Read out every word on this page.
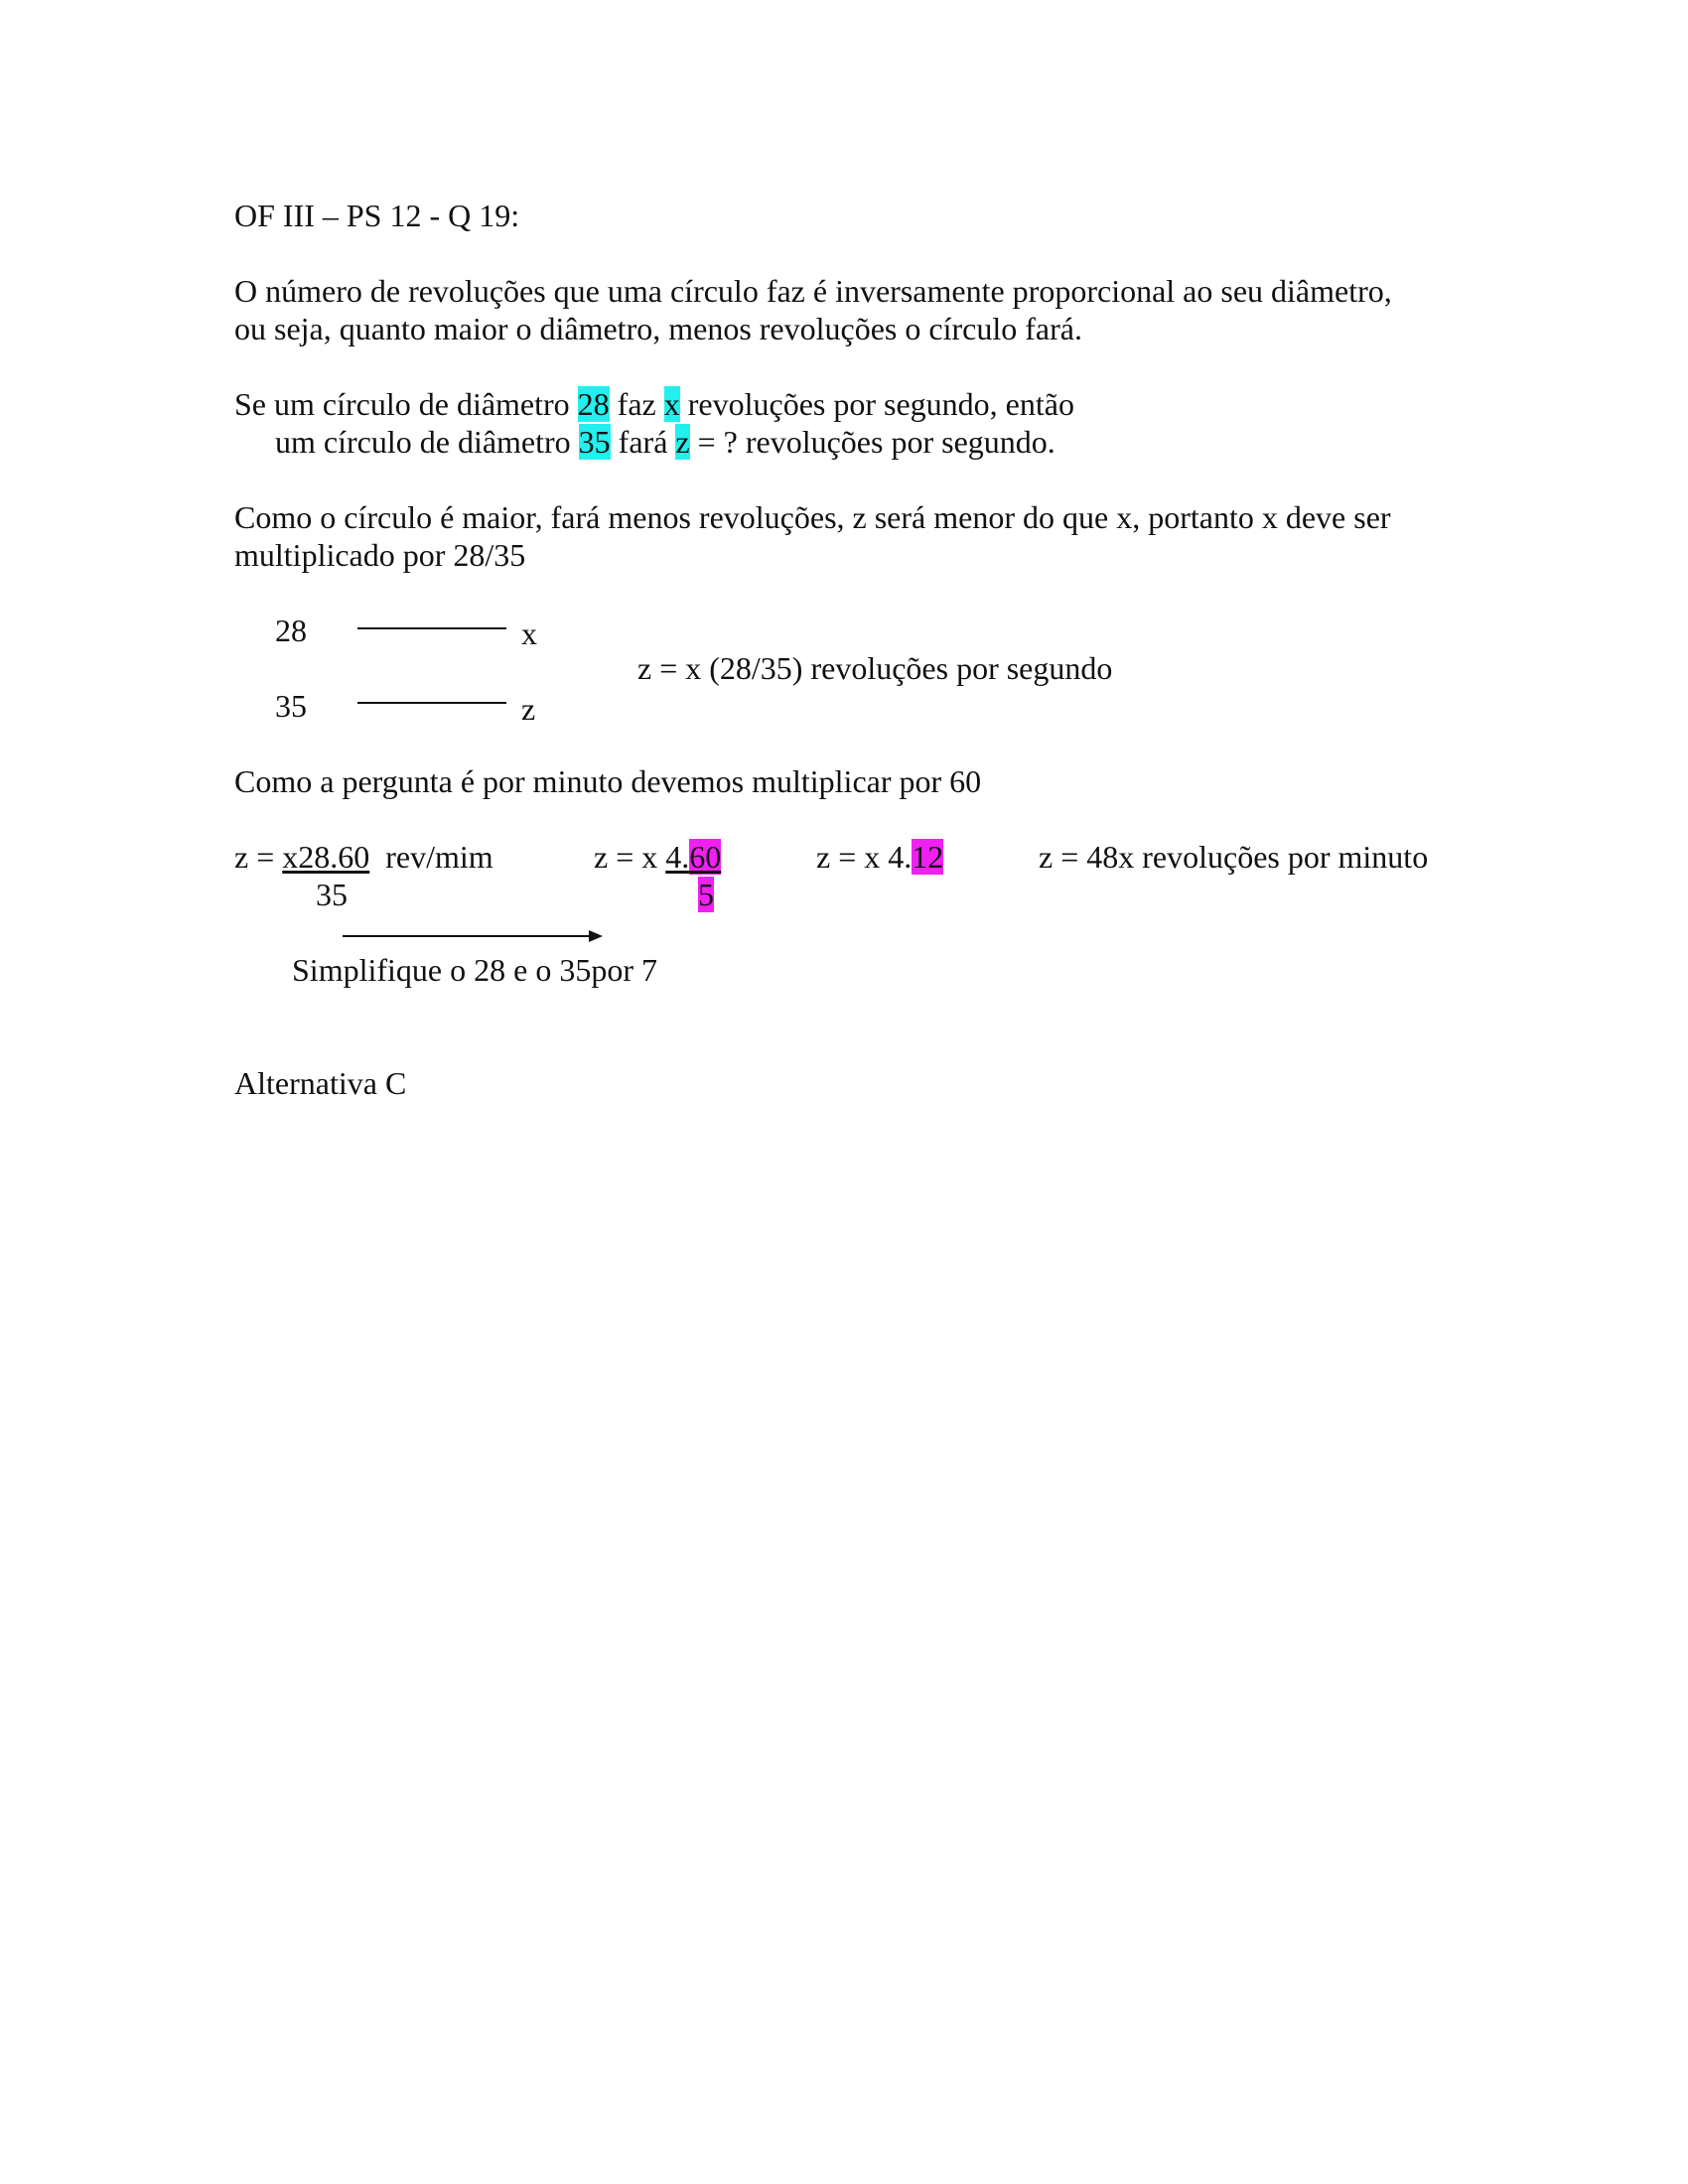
OF III – PS 12 - Q 19:
O número de revoluções que uma círculo faz é inversamente proporcional ao seu diâmetro,
ou seja, quanto maior o diâmetro, menos revoluções o círculo fará.
Se um círculo de diâmetro 28 faz x revoluções por segundo, então
um círculo de diâmetro 35 fará z = ? revoluções por segundo.
Como o círculo é maior, fará menos revoluções, z será menor do que x, portanto x deve ser
multiplicado por 28/35
28	x
z = x (28/35) revoluções por segundo
35	z
Como a pergunta é por minuto devemos multiplicar por 60
z = x28.60  rev/mim
35
z = x 4.60
5
z = x 4.12	z = 48x revoluções por minuto
Simplifique o 28 e o 35por 7
Alternativa C
